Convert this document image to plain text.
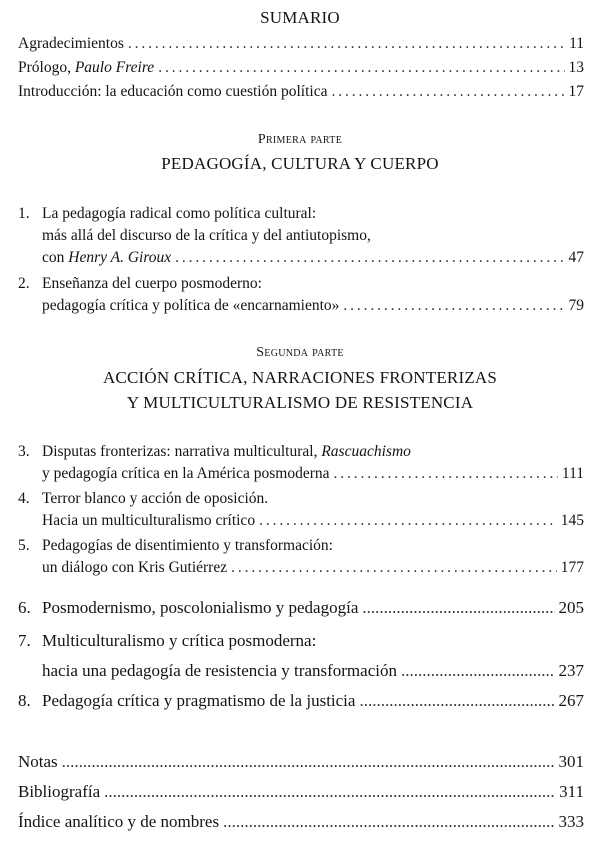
SUMARIO
Agradecimientos . . .	11
Prólogo, Paulo Freire . . .	13
Introducción: la educación como cuestión política . . .	17
Primera parte
PEDAGOGÍA, CULTURA Y CUERPO
1. La pedagogía radical como política cultural:
más allá del discurso de la crítica y del antiutopismo,
con Henry A. Giroux . . .	47
2. Enseñanza del cuerpo posmoderno:
pedagogía crítica y política de «encarnamiento» . . .	79
Segunda parte
ACCIÓN CRÍTICA, NARRACIONES FRONTERIZAS
Y MULTICULTURALISMO DE RESISTENCIA
3. Disputas fronterizas: narrativa multicultural, Rascuachismo
y pedagogía crítica en la América posmoderna . . .	111
4. Terror blanco y acción de oposición.
Hacia un multiculturalismo crítico . . .	145
5. Pedagogías de disentimiento y transformación:
un diálogo con Kris Gutiérrez . . .	177
6. Posmodernismo, poscolonialismo y pedagogía .....	205
7. Multiculturalismo y crítica posmoderna:
hacia una pedagogía de resistencia y transformación .....	237
8. Pedagogía crítica y pragmatismo de la justicia .....	267
Notas .....	301
Bibliografía .....	311
Índice analítico y de nombres .....	333
